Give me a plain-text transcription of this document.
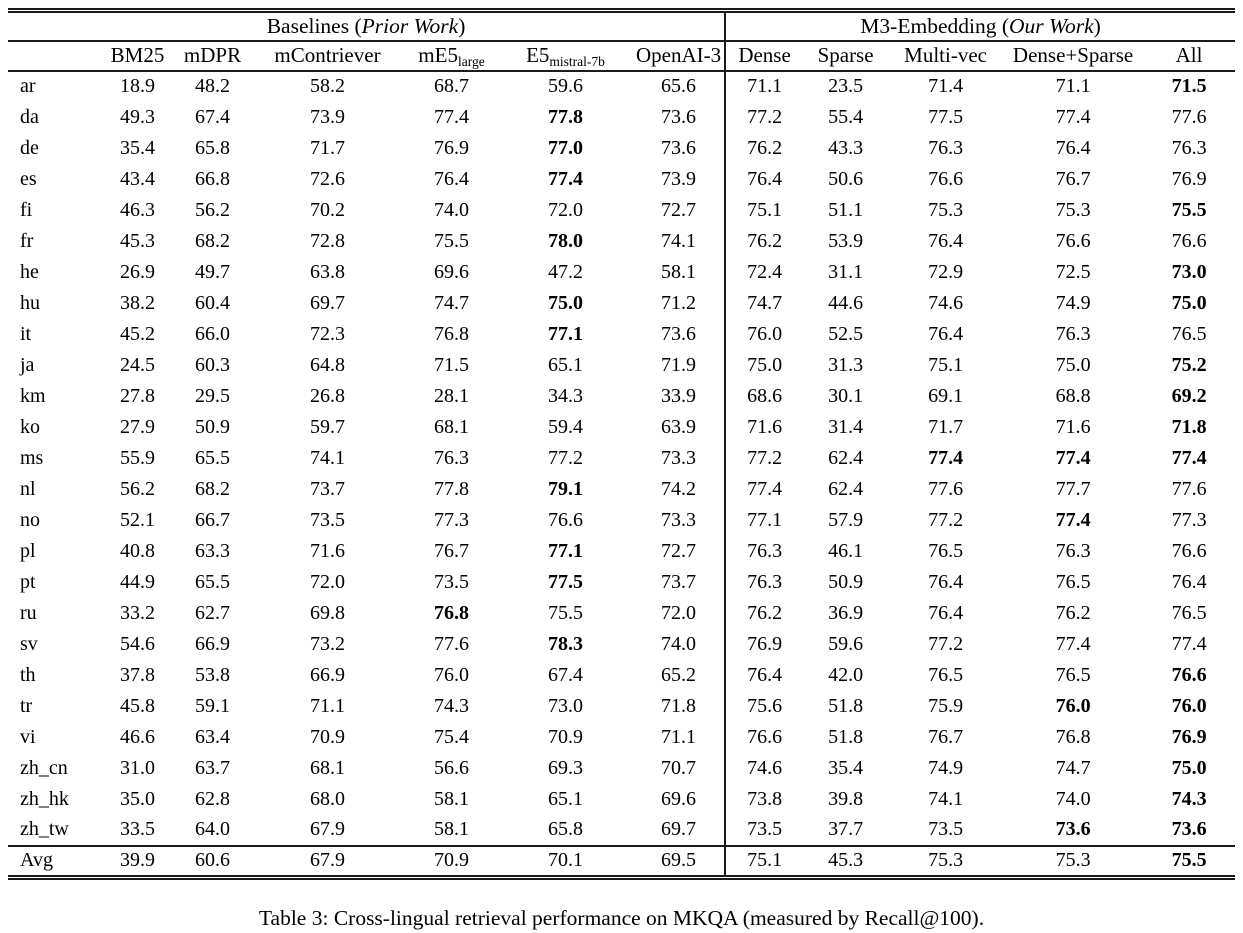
Baselines (Prior Work)							M3-Embedding (Our Work)				
	BM25	mDPR	mContriever	mE5large	E5mistral-7b	OpenAI-3	Dense	Sparse	Multi-vec	Dense+Sparse	All
ar	18.9	48.2	58.2	68.7	59.6	65.6	71.1	23.5	71.4	71.1	71.5
da	49.3	67.4	73.9	77.4	77.8	73.6	77.2	55.4	77.5	77.4	77.6
de	35.4	65.8	71.7	76.9	77.0	73.6	76.2	43.3	76.3	76.4	76.3
es	43.4	66.8	72.6	76.4	77.4	73.9	76.4	50.6	76.6	76.7	76.9
fi	46.3	56.2	70.2	74.0	72.0	72.7	75.1	51.1	75.3	75.3	75.5
fr	45.3	68.2	72.8	75.5	78.0	74.1	76.2	53.9	76.4	76.6	76.6
he	26.9	49.7	63.8	69.6	47.2	58.1	72.4	31.1	72.9	72.5	73.0
hu	38.2	60.4	69.7	74.7	75.0	71.2	74.7	44.6	74.6	74.9	75.0
it	45.2	66.0	72.3	76.8	77.1	73.6	76.0	52.5	76.4	76.3	76.5
ja	24.5	60.3	64.8	71.5	65.1	71.9	75.0	31.3	75.1	75.0	75.2
km	27.8	29.5	26.8	28.1	34.3	33.9	68.6	30.1	69.1	68.8	69.2
ko	27.9	50.9	59.7	68.1	59.4	63.9	71.6	31.4	71.7	71.6	71.8
ms	55.9	65.5	74.1	76.3	77.2	73.3	77.2	62.4	77.4	77.4	77.4
nl	56.2	68.2	73.7	77.8	79.1	74.2	77.4	62.4	77.6	77.7	77.6
no	52.1	66.7	73.5	77.3	76.6	73.3	77.1	57.9	77.2	77.4	77.3
pl	40.8	63.3	71.6	76.7	77.1	72.7	76.3	46.1	76.5	76.3	76.6
pt	44.9	65.5	72.0	73.5	77.5	73.7	76.3	50.9	76.4	76.5	76.4
ru	33.2	62.7	69.8	76.8	75.5	72.0	76.2	36.9	76.4	76.2	76.5
sv	54.6	66.9	73.2	77.6	78.3	74.0	76.9	59.6	77.2	77.4	77.4
th	37.8	53.8	66.9	76.0	67.4	65.2	76.4	42.0	76.5	76.5	76.6
tr	45.8	59.1	71.1	74.3	73.0	71.8	75.6	51.8	75.9	76.0	76.0
vi	46.6	63.4	70.9	75.4	70.9	71.1	76.6	51.8	76.7	76.8	76.9
zh_cn	31.0	63.7	68.1	56.6	69.3	70.7	74.6	35.4	74.9	74.7	75.0
zh_hk	35.0	62.8	68.0	58.1	65.1	69.6	73.8	39.8	74.1	74.0	74.3
zh_tw	33.5	64.0	67.9	58.1	65.8	69.7	73.5	37.7	73.5	73.6	73.6
Avg	39.9	60.6	67.9	70.9	70.1	69.5	75.1	45.3	75.3	75.3	75.5
Table 3: Cross-lingual retrieval performance on MKQA (measured by Recall@100).
